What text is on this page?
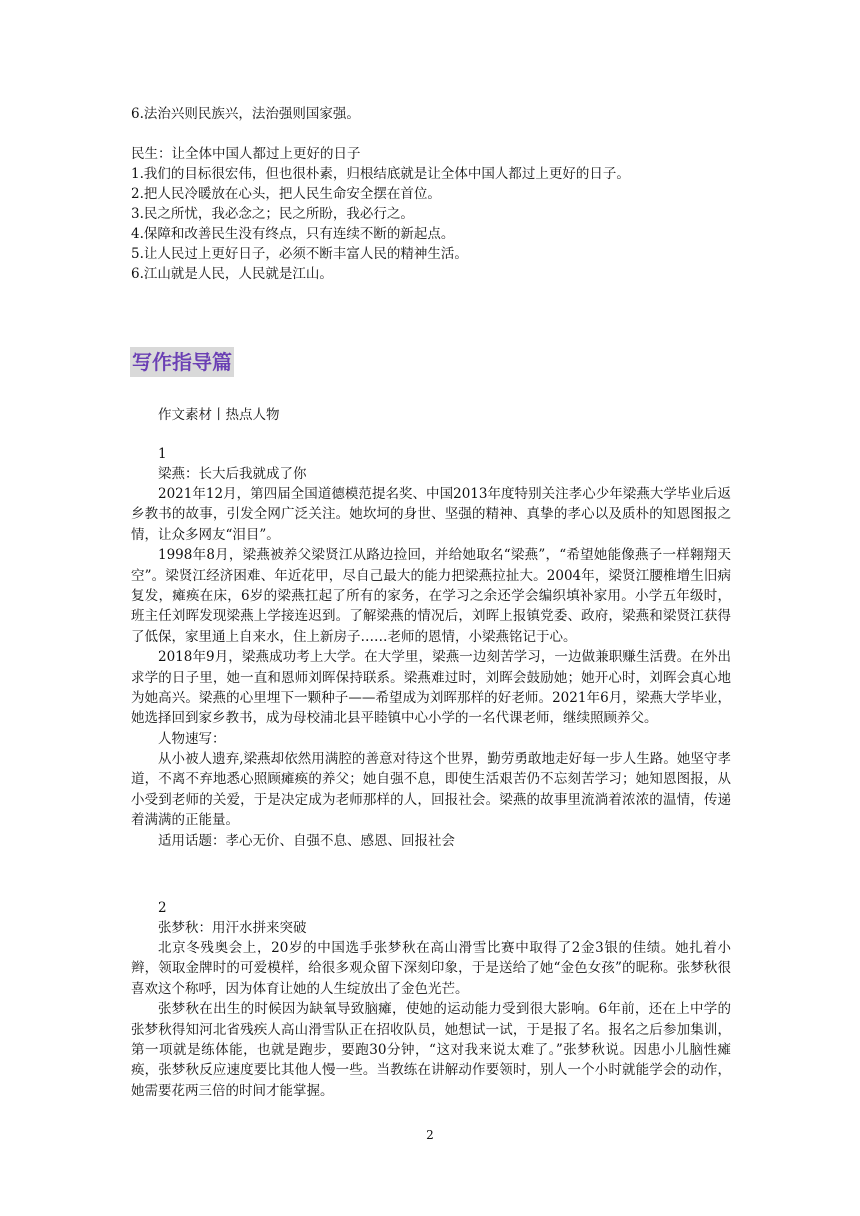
6.法治兴则民族兴，法治强则国家强。
民生：让全体中国人都过上更好的日子
1.我们的目标很宏伟，但也很朴素，归根结底就是让全体中国人都过上更好的日子。
2.把人民冷暖放在心头，把人民生命安全摆在首位。
3.民之所忧，我必念之；民之所盼，我必行之。
4.保障和改善民生没有终点，只有连续不断的新起点。
5.让人民过上更好日子，必须不断丰富人民的精神生活。
6.江山就是人民，人民就是江山。
写作指导篇
作文素材丨热点人物
1
梁燕：长大后我就成了你
2021年12月，第四届全国道德模范提名奖、中国2013年度特别关注孝心少年梁燕大学毕业后返乡教书的故事，引发全网广泛关注。她坎坷的身世、坚强的精神、真挚的孝心以及质朴的知恩图报之情，让众多网友“泪目”。
1998年8月，梁燕被养父梁贤江从路边捡回，并给她取名“梁燕”，“希望她能像燕子一样翱翔天空”。梁贤江经济困难、年近花甲，尽自己最大的能力把梁燕拉扯大。2004年，梁贤江腰椎增生旧病复发，瘫痪在床，6岁的梁燕扛起了所有的家务，在学习之余还学会编织填补家用。小学五年级时，班主任刘晖发现梁燕上学接连迟到。了解梁燕的情况后，刘晖上报镇党委、政府，梁燕和梁贤江获得了低保，家里通上自来水，住上新房子……老师的恩情，小梁燕铭记于心。
2018年9月，梁燕成功考上大学。在大学里，梁燕一边刻苦学习，一边做兼职赚生活费。在外出求学的日子里，她一直和恩师刘晖保持联系。梁燕难过时，刘晖会鼓励她；她开心时，刘晖会真心地为她高兴。梁燕的心里埋下一颗种子——希望成为刘晖那样的好老师。2021年6月，梁燕大学毕业，她选择回到家乡教书，成为母校浦北县平睦镇中心小学的一名代课老师，继续照顾养父。
人物速写：
从小被人遗弃,梁燕却依然用满腔的善意对待这个世界，勤劳勇敢地走好每一步人生路。她坚守孝道，不离不弃地悉心照顾瘫痪的养父；她自强不息，即使生活艰苦仍不忘刻苦学习；她知恩图报，从小受到老师的关爱，于是决定成为老师那样的人，回报社会。梁燕的故事里流淌着浓浓的温情，传递着满满的正能量。
适用话题：孝心无价、自强不息、感恩、回报社会
2
张梦秋：用汗水拼来突破
北京冬残奥会上，20岁的中国选手张梦秋在高山滑雪比赛中取得了2金3银的佳绩。她扎着小辫，领取金牌时的可爱模样，给很多观众留下深刻印象，于是送给了她“金色女孩”的昵称。张梦秋很喜欢这个称呼，因为体育让她的人生绽放出了金色光芒。
张梦秋在出生的时候因为缺氧导致脑瘫，使她的运动能力受到很大影响。6年前，还在上中学的张梦秋得知河北省残疾人高山滑雪队正在招收队员，她想试一试，于是报了名。报名之后参加集训，第一项就是练体能，也就是跑步，要跑30分钟，“这对我来说太难了。”张梦秋说。因患小儿脑性瘫痪，张梦秋反应速度要比其他人慢一些。当教练在讲解动作要领时，别人一个小时就能学会的动作，她需要花两三倍的时间才能掌握。
2
